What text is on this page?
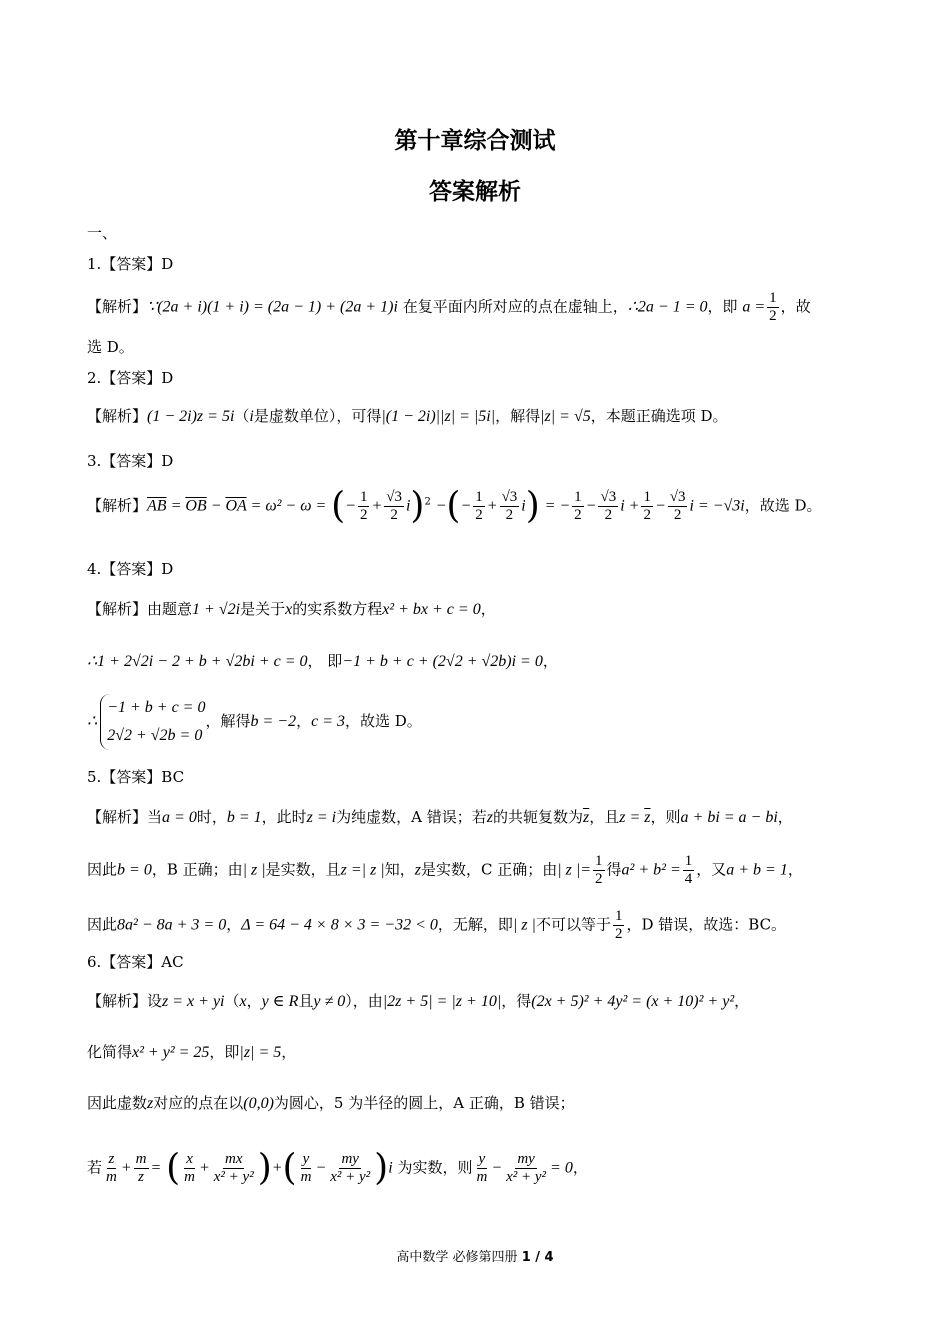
第十章综合测试
答案解析
一、
1.【答案】D
【解析】∵(2a + i)(1 + i) = (2a − 1) + (2a + 1)i 在复平面内所对应的点在虚轴上，∴2a − 1 = 0，即 $a = \frac{1}{2}$ ，故
选 D。
2.【答案】D
【解析】(1 − 2i)z = 5i（i是虚数单位），可得|(1 − 2i)||z| = |5i|，解得|z| = √5，本题正确选项 D。
3.【答案】D
【解析】$\overline{AB} = \overline{OB} - \overline{OA} = \omega^2 - \omega$ = (− $\frac{1}{2} + \frac{√3}{2} i)^2$ −(− $\frac{1}{2} + \frac{√3}{2} i$) = − $\frac{1}{2} - \frac{√3}{2}$ $i + \frac{1}{2} - \frac{√3}{2}$ i = −√3i，故选 D。
4.【答案】D
【解析】由题意1 + √2i是关于x的实系数方程x² + bx + c = 0，
∴1 + 2√2i − 2 + b + √2bi + c = 0， 即−1 + b + c + (2√2 + √2b)i = 0，
∴
−1 + b + c = 0
2√2 + √2b = 0
，解得b = −2，c = 3，故选 D。
5.【答案】BC
【解析】当a = 0时，b = 1，此时z = i为纯虚数，A 错误；若z的共轭复数为$\overline{z}$，且$z = \overline{z}$，则a + bi = a − bi，
因此b = 0，B 正确；由| z |是实数，且z =| z |知，z是实数，C 正确；由| z |= $\frac{1}{2}$ 得$a^2 + b^2 = \frac{1}{4}$ ，又a + b = 1，
因此8a² − 8a + 3 = 0，Δ = 64 − 4 × 8 × 3 = −32 < 0，无解，即| z |不可以等于 $\frac{1}{2}$ ，D 错误，故选：BC。
6.【答案】AC
【解析】设z = x + yi（x，y ∈ R且y ≠ 0），由|2z + 5| = |z + 10|，得(2x + 5)² + 4y² = (x + 10)² + y²，
化简得x² + y² = 25，即|z| = 5，
因此虚数z对应的点在以(0,0)为圆心，5 为半径的圆上，A 正确，B 错误；
若 $\frac{z}{m} + \frac{m}{z}$ = ( $\frac{x}{m} + \frac{mx}{\text{x² + y²}}$ )+( $\frac{y}{m} - \frac{my}{\text{x² + y²}} )i$ 为实数，则 $\frac{y}{m} - \frac{my}{\text{x² + y²}} = 0$，
高中数学 必修第四册 1 / 4
